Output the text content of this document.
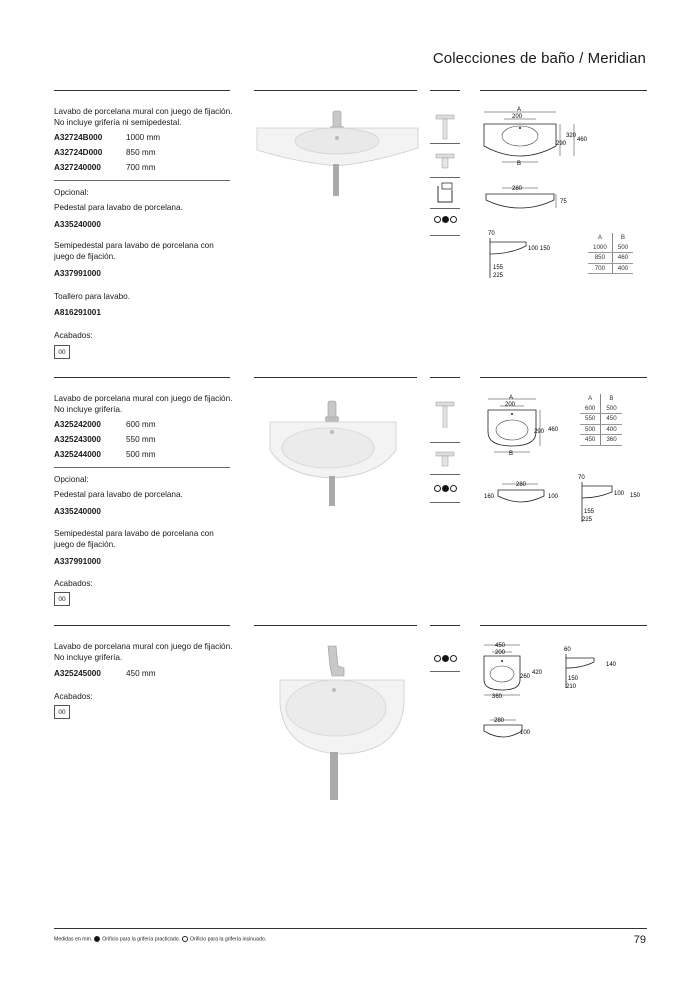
Colecciones de baño / Meridian
Lavabo de porcelana mural con juego de fijación. No incluye grifería ni semipedestal.
A32724B000	1000 mm
A32724D000	850 mm
A327240000	700 mm
Opcional:
Pedestal para lavabo de porcelana.
A335240000
Semipedestal para lavabo de porcelana con juego de fijación.
A337991000
Toallero para lavabo.
A816291001
Acabados:
00
A
200
B
320
290
460
280
75
70
100 150
155
225
A	B
1000	500
850	460
700	400
Lavabo de porcelana mural con juego de fijación. No incluye grifería.
A325242000	600 mm
A325243000	550 mm
A325244000	500 mm
Opcional:
Pedestal para lavabo de porcelana.
A335240000
Semipedestal para lavabo de porcelana con juego de fijación.
A337991000
Acabados:
00
A
200
B
290 460
A	B
600	500
550	450
500	400
450	360
280
160	100
70
100 150
155
225
Lavabo de porcelana mural con juego de fijación. No incluye grifería.
A325245000	450 mm
Acabados:
00
450
200
260
420
360
60
140
150
210
280
100
Medidas en mm. Orificio para la grifería practicado. Orificio para la grifería insinuado.	79
